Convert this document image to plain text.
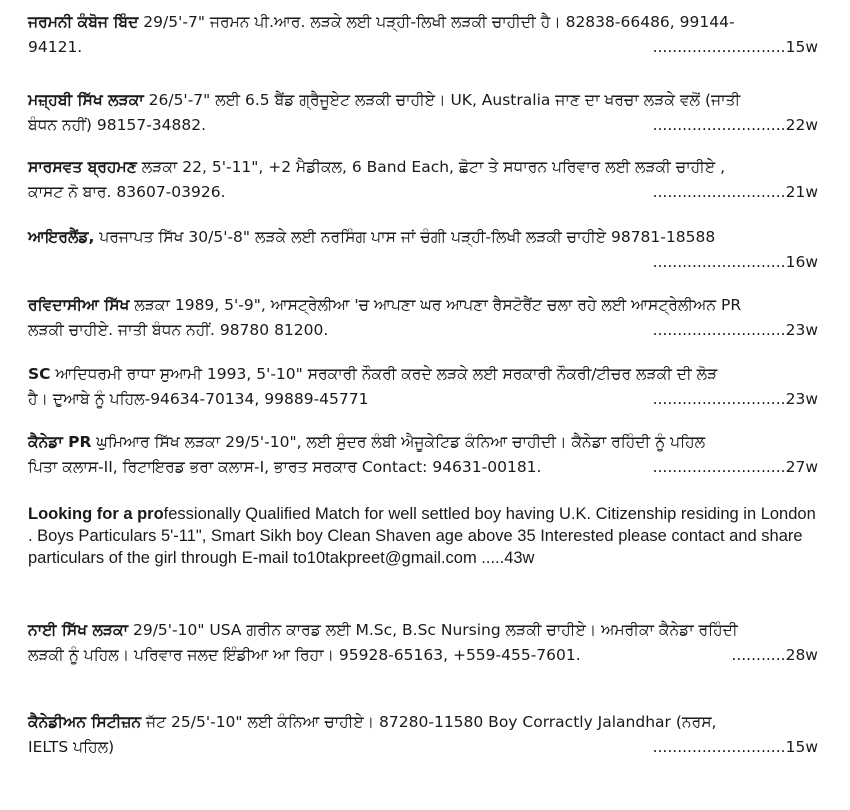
ਜਰਮਨੀ ਕੰਬੋਜ ਬਿੰਦ 29/5'-7" ਜਰਮਨ ਪੀ.ਆਰ. ਲੜਕੇ ਲਈ ਪੜ੍ਹੀ-ਲਿਖੀ ਲੜਕੀ ਚਾਹੀਦੀ ਹੈ। 82838-66486, 99144-

94121.	...........................15w

ਮਜ਼੍ਹਬੀ ਸਿੱਖ ਲੜਕਾ 26/5'-7" ਲਈ 6.5 ਬੈਂਡ ਗ੍ਰੈਜੂਏਟ ਲੜਕੀ ਚਾਹੀਏ। UK, Australia ਜਾਣ ਦਾ ਖਰਚਾ ਲੜਕੇ ਵਲੋਂ (ਜਾਤੀ

ਬੰਧਨ ਨਹੀਂ) 98157-34882.	...........................22w

ਸਾਰਸਵਤ ਬ੍ਰਹਮਣ ਲੜਕਾ 22, 5'-11", +2 ਮੈਡੀਕਲ, 6 Band Each, ਛੋਟਾ ਤੇ ਸਧਾਰਨ ਪਰਿਵਾਰ ਲਈ ਲੜਕੀ ਚਾਹੀਏ ,

ਕਾਸਟ ਨੋ ਬਾਰ. 83607-03926.	...........................21w

ਆਇਰਲੈਂਡ, ਪਰਜਾਪਤ ਸਿੱਖ 30/5'-8" ਲੜਕੇ ਲਈ ਨਰਸਿੰਗ ਪਾਸ ਜਾਂ ਚੰਗੀ ਪੜ੍ਹੀ-ਲਿਖੀ ਲੜਕੀ ਚਾਹੀਏ 98781-18588

...........................16w

ਰਵਿਦਾਸੀਆ ਸਿੱਖ ਲੜਕਾ 1989, 5'-9", ਆਸਟ੍ਰੇਲੀਆ 'ਚ ਆਪਣਾ ਘਰ ਆਪਣਾ ਰੈਸਟੋਰੈਂਟ ਚਲਾ ਰਹੇ ਲਈ ਆਸਟ੍ਰੇਲੀਅਨ PR

ਲੜਕੀ ਚਾਹੀਏ. ਜਾਤੀ ਬੰਧਨ ਨਹੀਂ. 98780 81200.	...........................23w

SC ਆਦਿਧਰਮੀ ਰਾਧਾ ਸੁਆਮੀ 1993, 5'-10" ਸਰਕਾਰੀ ਨੌਕਰੀ ਕਰਦੇ ਲੜਕੇ ਲਈ ਸਰਕਾਰੀ ਨੌਕਰੀ/ਟੀਚਰ ਲੜਕੀ ਦੀ ਲੋੜ

ਹੈ। ਦੁਆਬੇ ਨੂੰ ਪਹਿਲ-94634-70134, 99889-45771	...........................23w

ਕੈਨੇਡਾ PR ਘੁਮਿਆਰ ਸਿੱਖ ਲੜਕਾ 29/5'-10", ਲਈ ਸੁੰਦਰ ਲੰਬੀ ਐਜੂਕੇਟਿਡ ਕੰਨਿਆ ਚਾਹੀਦੀ। ਕੈਨੇਡਾ ਰਹਿੰਦੀ ਨੂੰ ਪਹਿਲ

ਪਿਤਾ ਕਲਾਸ-II, ਰਿਟਾਇਰਡ ਭਰਾ ਕਲਾਸ-I, ਭਾਰਤ ਸਰਕਾਰ Contact: 94631-00181.	...........................27w

Looking for a professionally Qualified Match for well settled boy having U.K. Citizenship residing in London . Boys Particulars 5'-11", Smart Sikh boy Clean Shaven age above 35 Interested please contact and share particulars of the girl through E-mail to10takpreet@gmail.com .....43w

ਨਾਈ ਸਿੱਖ ਲੜਕਾ 29/5'-10" USA ਗਰੀਨ ਕਾਰਡ ਲਈ M.Sc, B.Sc Nursing ਲੜਕੀ ਚਾਹੀਏ। ਅਮਰੀਕਾ ਕੈਨੇਡਾ ਰਹਿੰਦੀ

ਲੜਕੀ ਨੂੰ ਪਹਿਲ। ਪਰਿਵਾਰ ਜਲਦ ਇੰਡੀਆ ਆ ਰਿਹਾ। 95928-65163, +559-455-7601.	...........28w

ਕੈਨੇਡੀਅਨ ਸਿਟੀਜ਼ਨ ਜੱਟ 25/5'-10" ਲਈ ਕੰਨਿਆ ਚਾਹੀਏ। 87280-11580 Boy Corractly Jalandhar (ਨਰਸ,

IELTS ਪਹਿਲ)	...........................15w
